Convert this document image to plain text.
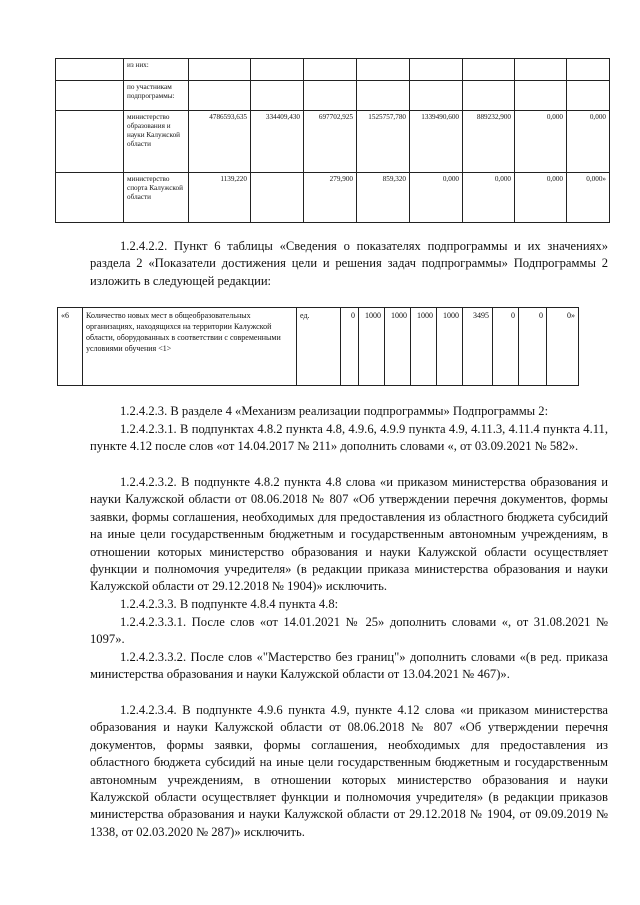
	из них:								
	по участникам подпрограммы:								
	министерство образования и науки Калужской области	4786593,635	334409,430	697702,925	1525757,780	1339490,600	889232,900	0,000	0,000
	министерство спорта Калужской области	1139,220		279,900	859,320	0,000	0,000	0,000	0,000»

1.2.4.2.2. Пункт 6 таблицы «Сведения о показателях подпрограммы и их значениях» раздела 2 «Показатели достижения цели и решения задач подпрограммы» Подпрограммы 2 изложить в следующей редакции:

«6	Количество новых мест в общеобразовательных организациях, находящихся на территории Калужской области, оборудованных в соответствии с современными условиями обучения <1>	ед.	0	1000	1000	1000	1000	3495	0	0	0»

1.2.4.2.3. В разделе 4 «Механизм реализации подпрограммы» Подпрограммы 2:

1.2.4.2.3.1. В подпунктах 4.8.2 пункта 4.8, 4.9.6, 4.9.9 пункта 4.9, 4.11.3, 4.11.4 пункта 4.11, пункте 4.12 после слов «от 14.04.2017 № 211» дополнить словами «, от 03.09.2021 № 582».

1.2.4.2.3.2. В подпункте 4.8.2 пункта 4.8 слова «и приказом министерства образования и науки Калужской области от 08.06.2018 № 807 «Об утверждении перечня документов, формы заявки, формы соглашения, необходимых для предоставления из областного бюджета субсидий на иные цели государственным бюджетным и государственным автономным учреждениям, в отношении которых министерство образования и науки Калужской области осуществляет функции и полномочия учредителя» (в редакции приказа министерства образования и науки Калужской области от 29.12.2018 № 1904)» исключить.

1.2.4.2.3.3. В подпункте 4.8.4 пункта 4.8:

1.2.4.2.3.3.1. После слов «от 14.01.2021 № 25» дополнить словами «, от 31.08.2021 № 1097».

1.2.4.2.3.3.2. После слов «"Мастерство без границ"» дополнить словами «(в ред. приказа министерства образования и науки Калужской области от 13.04.2021 № 467)».

1.2.4.2.3.4. В подпункте 4.9.6 пункта 4.9, пункте 4.12 слова «и приказом министерства образования и науки Калужской области от 08.06.2018 № 807 «Об утверждении перечня документов, формы заявки, формы соглашения, необходимых для предоставления из областного бюджета субсидий на иные цели государственным бюджетным и государственным автономным учреждениям, в отношении которых министерство образования и науки Калужской области осуществляет функции и полномочия учредителя» (в редакции приказов министерства образования и науки Калужской области от 29.12.2018 № 1904, от 09.09.2019 № 1338, от 02.03.2020 № 287)» исключить.
